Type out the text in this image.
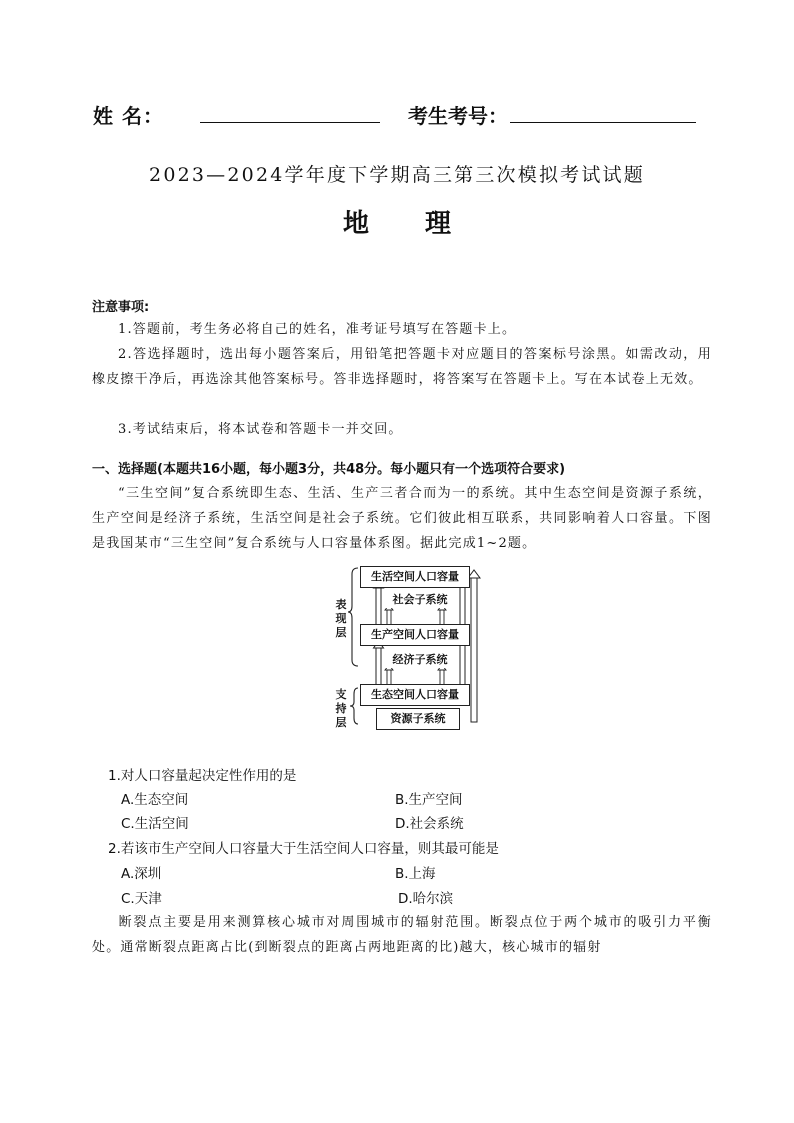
姓 名：	考生考号：
2023—2024学年度下学期高三第三次模拟考试试题
地 理
注意事项:
1.答题前，考生务必将自己的姓名，准考证号填写在答题卡上。
2.答选择题时，选出每小题答案后，用铅笔把答题卡对应题目的答案标号涂黑。如需改动，用橡皮擦干净后，再选涂其他答案标号。答非选择题时，将答案写在答题卡上。写在本试卷上无效。
3.考试结束后，将本试卷和答题卡一并交回。
一、选择题(本题共16小题，每小题3分，共48分。每小题只有一个选项符合要求)
“三生空间”复合系统即生态、生活、生产三者合而为一的系统。其中生态空间是资源子系统，生产空间是经济子系统，生活空间是社会子系统。它们彼此相互联系，共同影响着人口容量。下图是我国某市“三生空间”复合系统与人口容量体系图。据此完成1~2题。
表现层
支持层
生活空间人口容量
社会子系统
生产空间人口容量
经济子系统
生态空间人口容量
资源子系统
1.对人口容量起决定性作用的是
A.生态空间	B.生产空间
C.生活空间	D.社会系统
2.若该市生产空间人口容量大于生活空间人口容量，则其最可能是
A.深圳	B.上海
C.天津	D.哈尔滨
断裂点主要是用来测算核心城市对周围城市的辐射范围。断裂点位于两个城市的吸引力平衡处。通常断裂点距离占比(到断裂点的距离占两地距离的比)越大，核心城市的辐射
